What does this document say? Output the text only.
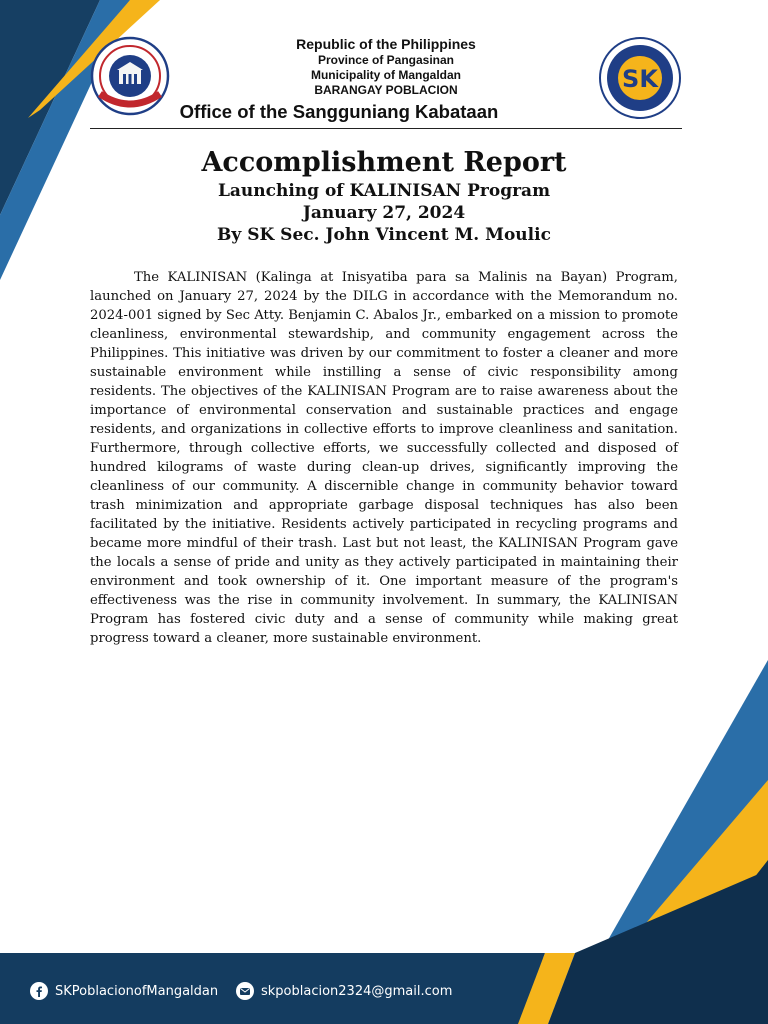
Republic of the Philippines
Province of Pangasinan
Municipality of Mangaldan
BARANGAY POBLACION	SK
Office of the Sangguniang Kabataan
Accomplishment Report
Launching of KALINISAN Program
January 27, 2024
By SK Sec. John Vincent M. Moulic
The KALINISAN (Kalinga at Inisyatiba para sa Malinis na Bayan) Program, launched on January 27, 2024 by the DILG in accordance with the Memorandum no. 2024-001 signed by Sec Atty. Benjamin C. Abalos Jr., embarked on a mission to promote cleanliness, environmental stewardship, and community engagement across the Philippines. This initiative was driven by our commitment to foster a cleaner and more sustainable environment while instilling a sense of civic responsibility among residents. The objectives of the KALINISAN Program are to raise awareness about the importance of environmental conservation and sustainable practices and engage residents, and organizations in collective efforts to improve cleanliness and sanitation. Furthermore, through collective efforts, we successfully collected and disposed of hundred kilograms of waste during clean-up drives, significantly improving the cleanliness of our community. A discernible change in community behavior toward trash minimization and appropriate garbage disposal techniques has also been facilitated by the initiative. Residents actively participated in recycling programs and became more mindful of their trash. Last but not least, the KALINISAN Program gave the locals a sense of pride and unity as they actively participated in maintaining their environment and took ownership of it. One important measure of the program's effectiveness was the rise in community involvement. In summary, the KALINISAN Program has fostered civic duty and a sense of community while making great progress toward a cleaner, more sustainable environment.
SKPoblacionofMangaldan	skpoblacion2324@gmail.com
